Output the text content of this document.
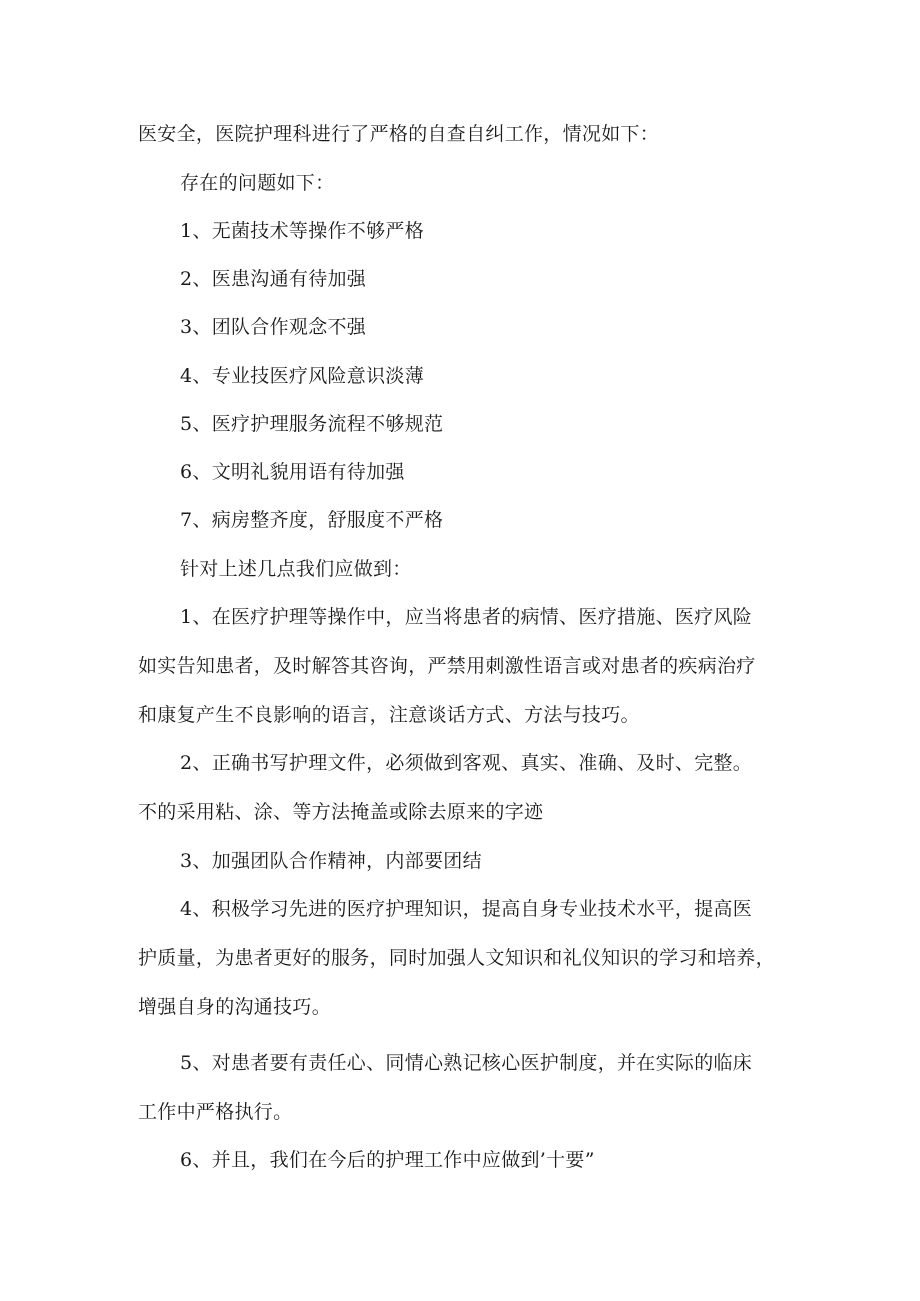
医安全，医院护理科进行了严格的自查自纠工作，情况如下：
存在的问题如下：
1、无菌技术等操作不够严格
2、医患沟通有待加强
3、团队合作观念不强
4、专业技医疗风险意识淡薄
5、医疗护理服务流程不够规范
6、文明礼貌用语有待加强
7、病房整齐度，舒服度不严格
针对上述几点我们应做到：
1、在医疗护理等操作中，应当将患者的病情、医疗措施、医疗风险
如实告知患者，及时解答其咨询，严禁用刺激性语言或对患者的疾病治疗
和康复产生不良影响的语言，注意谈话方式、方法与技巧。
2、正确书写护理文件，必须做到客观、真实、准确、及时、完整。
不的采用粘、涂、等方法掩盖或除去原来的字迹
3、加强团队合作精神，内部要团结
4、积极学习先进的医疗护理知识，提高自身专业技术水平，提高医
护质量，为患者更好的服务，同时加强人文知识和礼仪知识的学习和培养，
增强自身的沟通技巧。
5、对患者要有责任心、同情心熟记核心医护制度，并在实际的临床
工作中严格执行。
6、并且，我们在今后的护理工作中应做到’十要”
